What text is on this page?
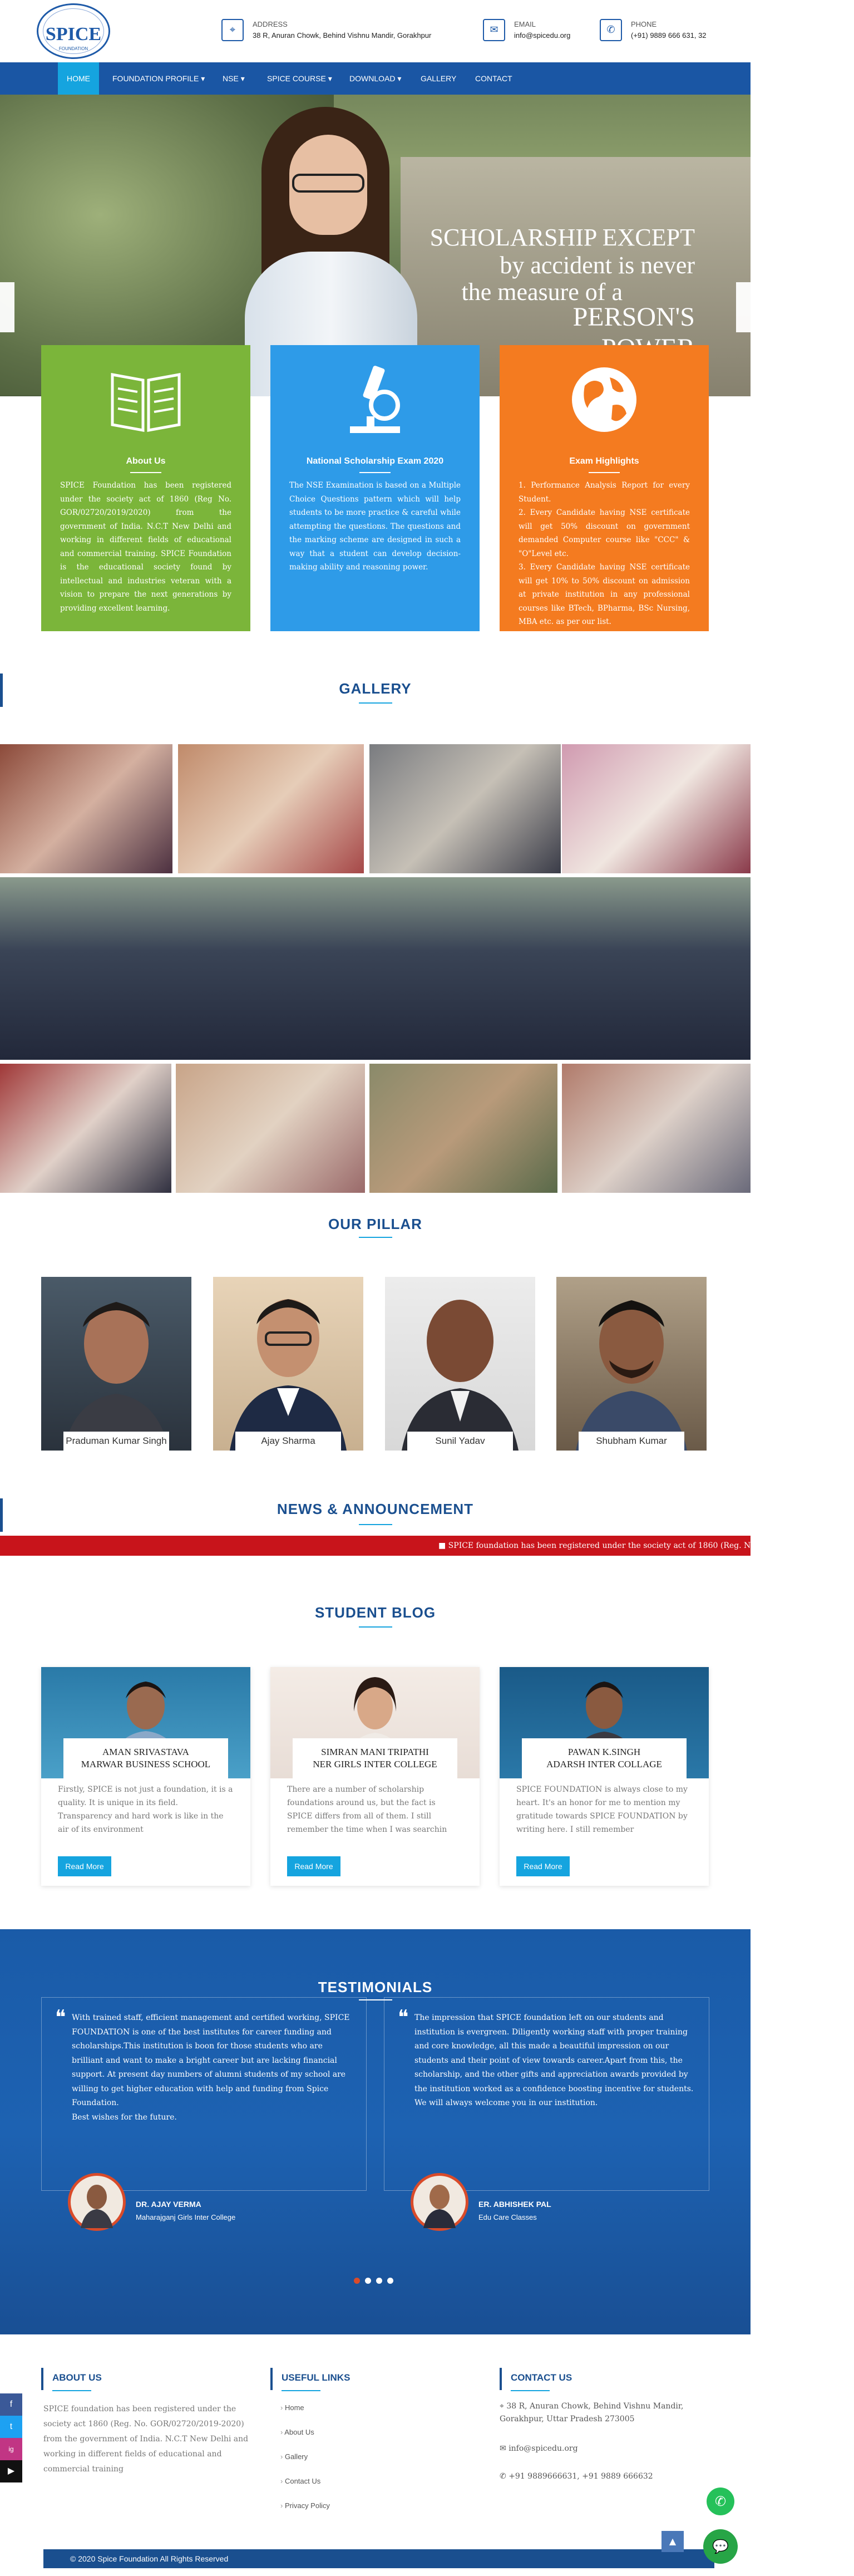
SPICE
FOUNDATION
⌖	ADDRESS
38 R, Anuran Chowk, Behind Vishnu Mandir, Gorakhpur	✉	EMAIL
info@spicedu.org	✆	PHONE
(+91) 9889 666 631, 32
SCHOLARSHIP EXCEPT
by accident is never
the measure of a
PERSON'S
HOME	FOUNDATION PROFILE ▾	NSE ▾	SPICE COURSE ▾	DOWNLOAD ▾	GALLERY	CONTACT
About Us
SPICE Foundation has been registered under the society act of 1860 (Reg No. GOR/02720/2019/2020) from the government of India. N.C.T New Delhi and working in different fields of educational and commercial training. SPICE Foundation is the educational society found by intellectual and industries veteran with a vision to prepare the next generations by providing excellent learning.
National Scholarship Exam 2020
The NSE Examination is based on a Multiple Choice Questions pattern which will help students to be more practice & careful while attempting the questions. The questions and the marking scheme are designed in such a way that a student can develop decision-making ability and reasoning power.
Exam Highlights
1. Performance Analysis Report for every Student.
2. Every Candidate having NSE certificate will get 50% discount on government demanded Computer course like "CCC" & "O"Level etc.
3. Every Candidate having NSE certificate will get 10% to 50% discount on admission at private institution in any professional courses like BTech, BPharma, BSc Nursing, MBA etc. as per our list.
GALLERY
OUR PILLAR
Praduman Kumar Singh	Ajay Sharma	Sunil Yadav	Shubham Kumar
NEWS & ANNOUNCEMENT
■ SPICE foundation has been registered under the society act of 1860 (Reg. No. GOR/02720/2019/2020)
STUDENT BLOG
AMAN SRIVASTAVA
MARWAR BUSINESS SCHOOL
Firstly, SPICE is not just a foundation, it is a quality. It is unique in its field. Transparency and hard work is like in the air of its environment
Read More
SIMRAN MANI TRIPATHI
NER GIRLS INTER COLLEGE
There are a number of scholarship foundations around us, but the fact is SPICE differs from all of them. I still remember the time when I was searchin
Read More
PAWAN K.SINGH
ADARSH INTER COLLAGE
SPICE FOUNDATION is always close to my heart. It's an honor for me to mention my gratitude towards SPICE FOUNDATION by writing here. I still remember
Read More
TESTIMONIALS
❝ With trained staff, efficient management and certified working, SPICE FOUNDATION is one of the best institutes for career funding and scholarships.This institution is boon for those students who are brilliant and want to make a bright career but are lacking financial support. At present day numbers of alumni students of my school are willing to get higher education with help and funding from Spice Foundation.
Best wishes for the future.
❝ The impression that SPICE foundation left on our students and institution is evergreen. Diligently working staff with proper training and core knowledge, all this made a beautiful impression on our students and their point of view towards career.Apart from this, the scholarship, and the other gifts and appreciation awards provided by the institution worked as a confidence boosting incentive for students. We will always welcome you in our institution.
DR. AJAY VERMA
Maharajganj Girls Inter College
ER. ABHISHEK PAL
Edu Care Classes
ABOUT US
SPICE foundation has been registered under the society act 1860 (Reg. No. GOR/02720/2019-2020) from the government of India. N.C.T New Delhi and working in different fields of educational and commercial training
USEFUL LINKS
› Home
› About Us
› Gallery
› Contact Us
› Privacy Policy
CONTACT US
⌖ 38 R, Anuran Chowk, Behind Vishnu Mandir, Gorakhpur, Uttar Pradesh 273005
✉ info@spicedu.org
✆ +91 9889666631, +91 9889 666632
© 2020 Spice Foundation All Rights Reserved
f
t
ig
▶
▲
✆
💬
